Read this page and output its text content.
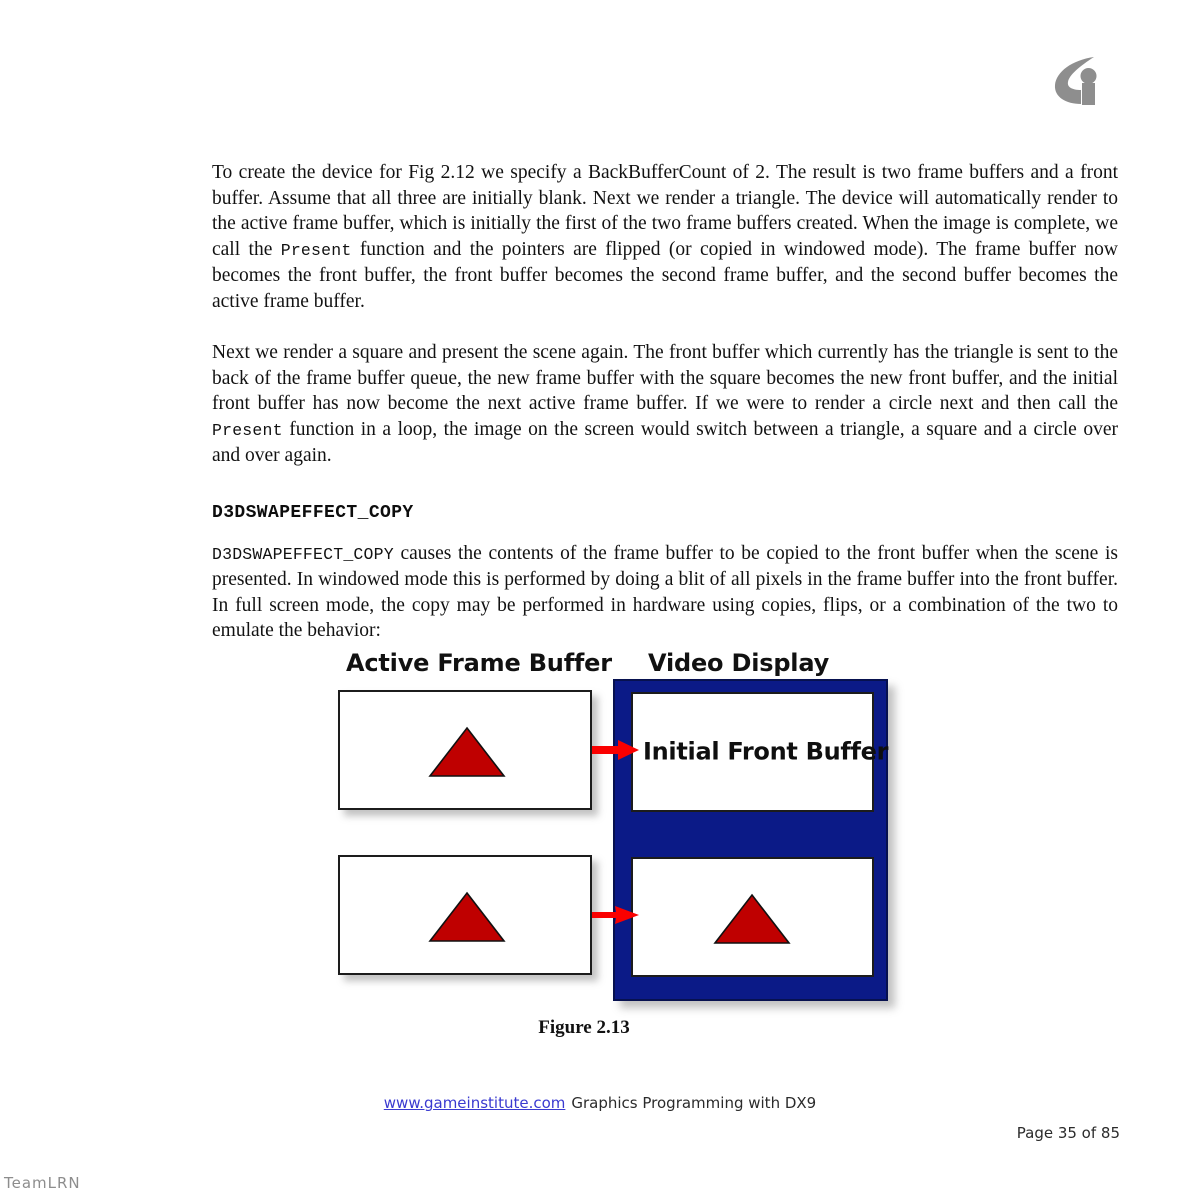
To create the device for Fig 2.12 we specify a BackBufferCount of 2. The result is two frame buffers and a front buffer. Assume that all three are initially blank. Next we render a triangle. The device will automatically render to the active frame buffer, which is initially the first of the two frame buffers created. When the image is complete, we call the Present function and the pointers are flipped (or copied in windowed mode). The frame buffer now becomes the front buffer, the front buffer becomes the second frame buffer, and the second buffer becomes the active frame buffer.

Next we render a square and present the scene again. The front buffer which currently has the triangle is sent to the back of the frame buffer queue, the new frame buffer with the square becomes the new front buffer, and the initial front buffer has now become the next active frame buffer. If we were to render a circle next and then call the Present function in a loop, the image on the screen would switch between a triangle, a square and a circle over and over again.

D3DSWAPEFFECT_COPY

D3DSWAPEFFECT_COPY causes the contents of the frame buffer to be copied to the front buffer when the scene is presented. In windowed mode this is performed by doing a blit of all pixels in the frame buffer into the front buffer. In full screen mode, the copy may be performed in hardware using copies, flips, or a combination of the two to emulate the behavior:

Active Frame Buffer Video Display
Initial Front Buffer
Figure 2.13
www.gameinstitute.com Graphics Programming with DX9
Page 35 of 85
TeamLRN
